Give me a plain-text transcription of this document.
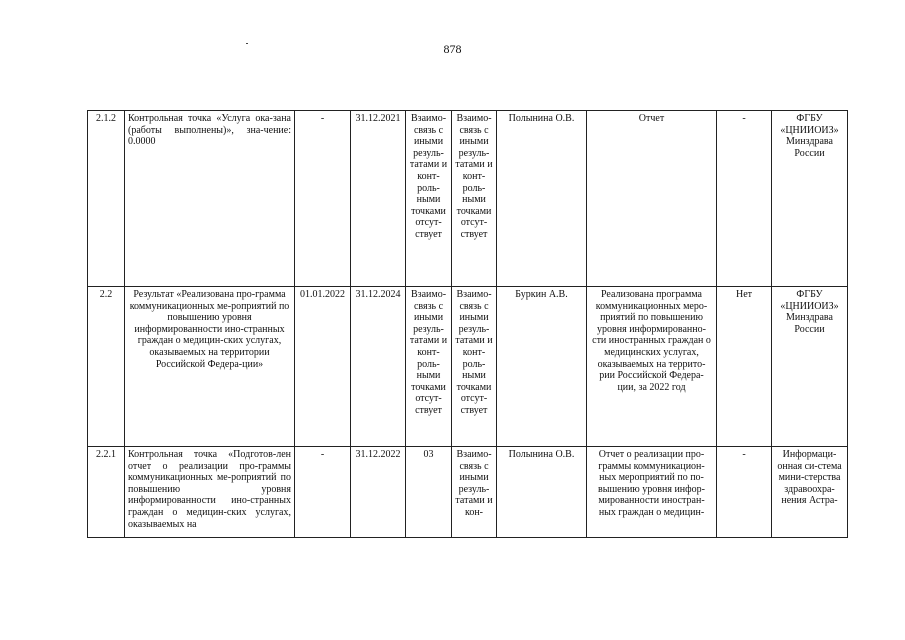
878
2.1.2	Контрольная точка «Услуга ока-зана (работы выполнены)», зна-чение: 0.0000	-	31.12.2021	Взаимо-связь с иными резуль-татами и конт-роль-ными точками отсут-ствует	Взаимо-связь с иными резуль-татами и конт-роль-ными точками отсут-ствует	Полынина О.В.	Отчет	-	ФГБУ «ЦНИИОИЗ» Минздрава России
2.2	Результат «Реализована про-грамма коммуникационных ме-роприятий по повышению уровня информированности ино-странных граждан о медицин-ских услугах, оказываемых на территории Российской Федера-ции»	01.01.2022	31.12.2024	Взаимо-связь с иными резуль-татами и конт-роль-ными точками отсут-ствует	Взаимо-связь с иными резуль-татами и конт-роль-ными точками отсут-ствует	Буркин А.В.	Реализована программа коммуникационных меро-приятий по повышению уровня информированно-сти иностранных граждан о медицинских услугах, оказываемых на террито-рии Российской Федера-ции, за 2022 год	Нет	ФГБУ «ЦНИИОИЗ» Минздрава России
2.2.1	Контрольная точка «Подготов-лен отчет о реализации про-граммы коммуникационных ме-роприятий по повышению уровня информированности ино-странных граждан о медицин-ских услугах, оказываемых на	-	31.12.2022	03	Взаимо-связь с иными резуль-татами и кон-	Полынина О.В.	Отчет о реализации про-граммы коммуникацион-ных мероприятий по по-вышению уровня инфор-мированности иностран-ных граждан о медицин-	-	Информаци-онная си-стема мини-стерства здравоохра-нения Астра-
